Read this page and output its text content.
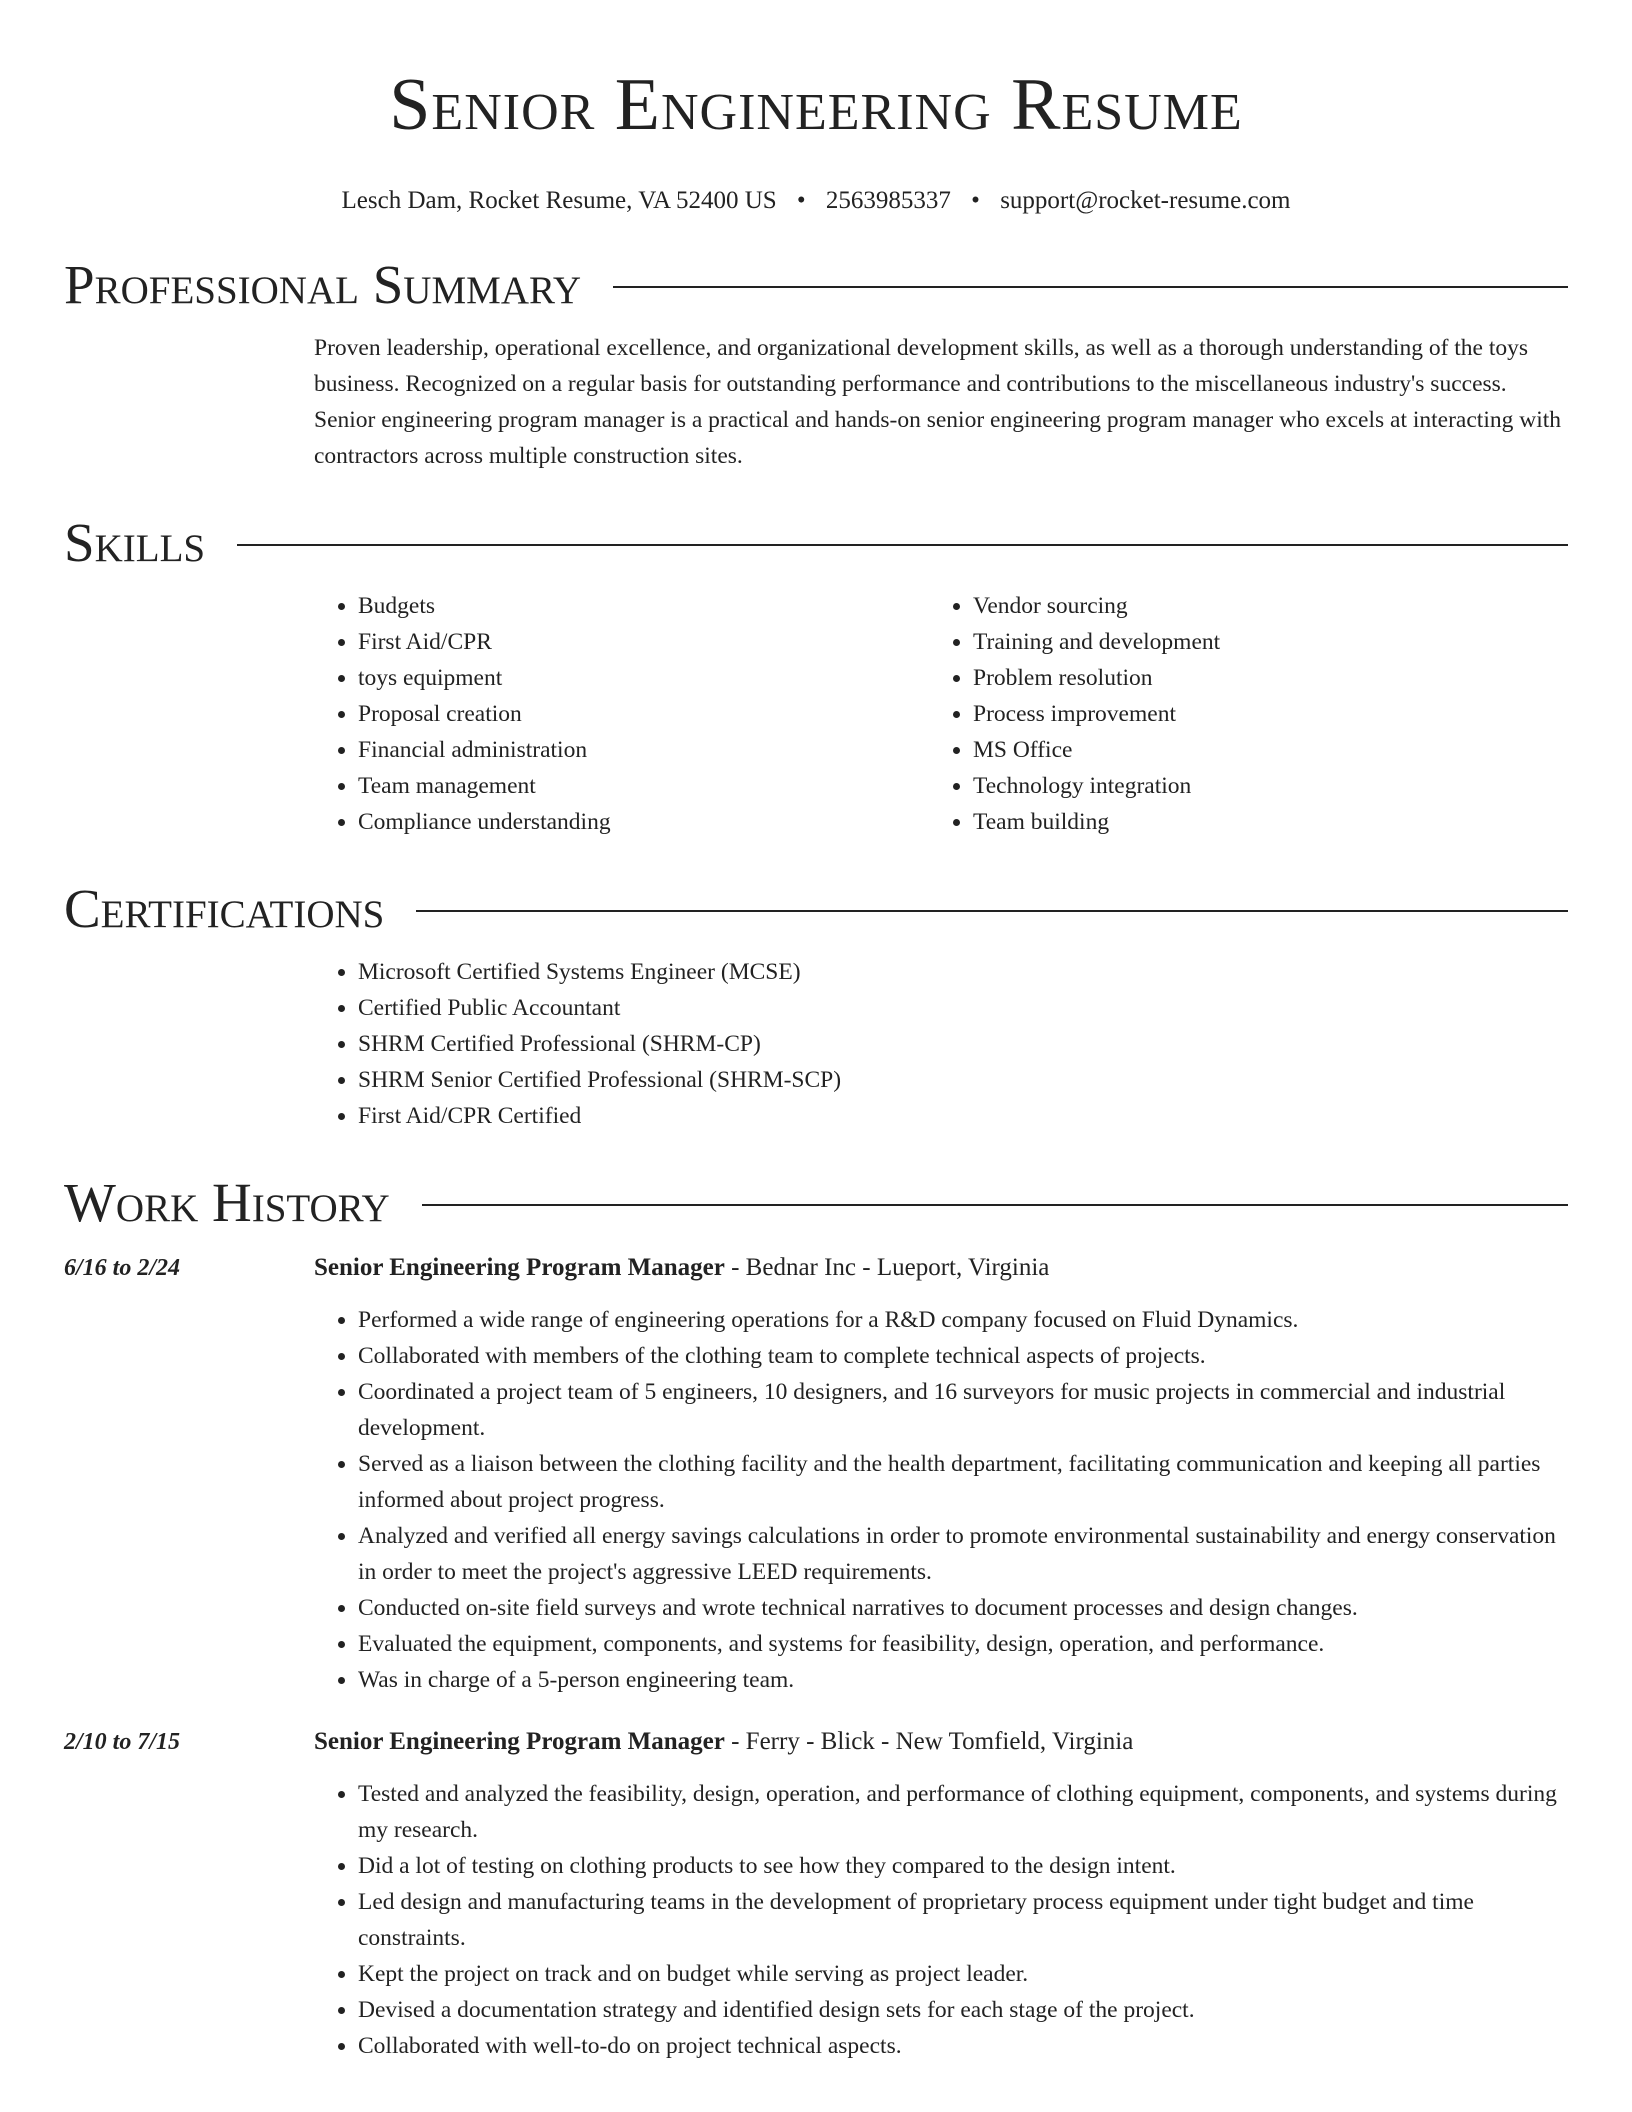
Senior Engineering Resume
Lesch Dam, Rocket Resume, VA 52400 US • 2563985337 • support@rocket-resume.com
Professional Summary

Proven leadership, operational excellence, and organizational development skills, as well as a thorough understanding of the toys business. Recognized on a regular basis for outstanding performance and contributions to the miscellaneous industry's success. Senior engineering program manager is a practical and hands-on senior engineering program manager who excels at interacting with contractors across multiple construction sites.

Skills
• Budgets
• First Aid/CPR
• toys equipment
• Proposal creation
• Financial administration
• Team management
• Compliance understanding
• Vendor sourcing
• Training and development
• Problem resolution
• Process improvement
• MS Office
• Technology integration
• Team building
Certifications
• Microsoft Certified Systems Engineer (MCSE)
• Certified Public Accountant
• SHRM Certified Professional (SHRM-CP)
• SHRM Senior Certified Professional (SHRM-SCP)
• First Aid/CPR Certified
Work History
6/16 to 2/24	Senior Engineering Program Manager - Bednar Inc - Lueport, Virginia
• Performed a wide range of engineering operations for a R&D company focused on Fluid Dynamics.
• Collaborated with members of the clothing team to complete technical aspects of projects.
• Coordinated a project team of 5 engineers, 10 designers, and 16 surveyors for music projects in commercial and industrial development.
• Served as a liaison between the clothing facility and the health department, facilitating communication and keeping all parties informed about project progress.
• Analyzed and verified all energy savings calculations in order to promote environmental sustainability and energy conservation in order to meet the project's aggressive LEED requirements.
• Conducted on-site field surveys and wrote technical narratives to document processes and design changes.
• Evaluated the equipment, components, and systems for feasibility, design, operation, and performance.
• Was in charge of a 5-person engineering team.
2/10 to 7/15	Senior Engineering Program Manager - Ferry - Blick - New Tomfield, Virginia
• Tested and analyzed the feasibility, design, operation, and performance of clothing equipment, components, and systems during my research.
• Did a lot of testing on clothing products to see how they compared to the design intent.
• Led design and manufacturing teams in the development of proprietary process equipment under tight budget and time constraints.
• Kept the project on track and on budget while serving as project leader.
• Devised a documentation strategy and identified design sets for each stage of the project.
• Collaborated with well-to-do on project technical aspects.
